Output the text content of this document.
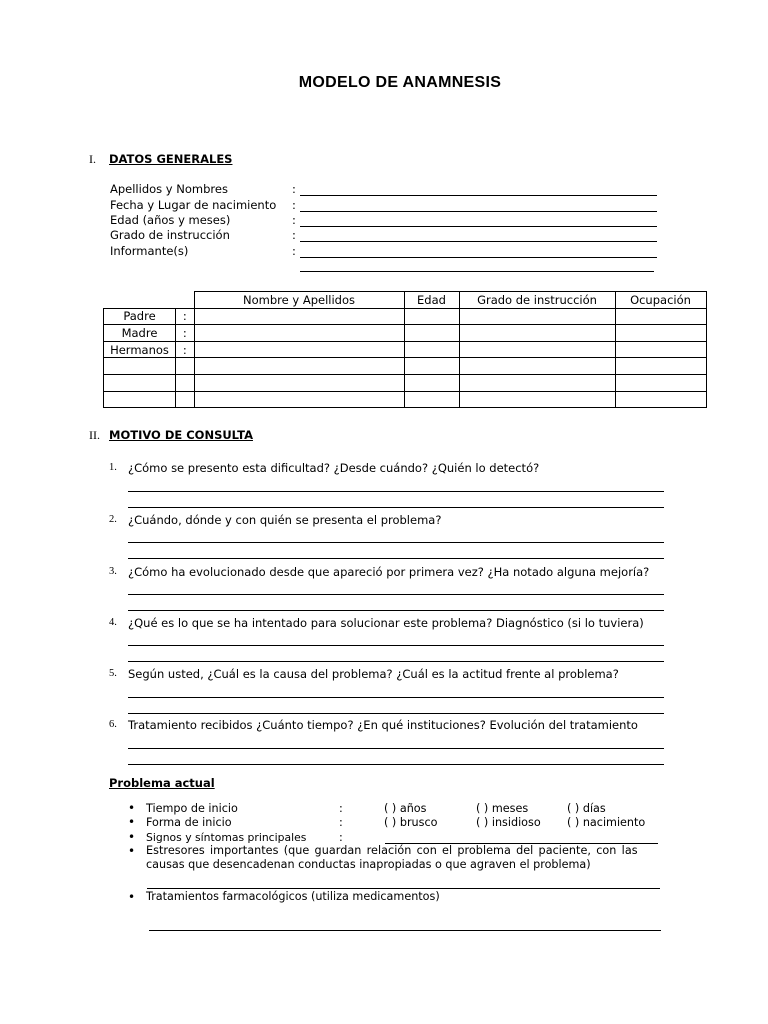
MODELO DE ANAMNESIS
I. DATOS GENERALES
Apellidos y Nombres	:
Fecha y Lugar de nacimiento :
Edad (años y meses)	:
Grado de instrucción	:
Informante(s)	:
		Nombre y Apellidos	Edad	Grado de instrucción	Ocupación
Padre	:				
Madre	:				
Hermanos	:				

II. MOTIVO DE CONSULTA
1. ¿Cómo se presento esta dificultad? ¿Desde cuándo? ¿Quién lo detectó?
2. ¿Cuándo, dónde y con quién se presenta el problema?
3. ¿Cómo ha evolucionado desde que apareció por primera vez? ¿Ha notado alguna mejoría?
4. ¿Qué es lo que se ha intentado para solucionar este problema? Diagnóstico (si lo tuviera)
5. Según usted, ¿Cuál es la causa del problema? ¿Cuál es la actitud frente al problema?
6. Tratamiento recibidos ¿Cuánto tiempo? ¿En qué instituciones? Evolución del tratamiento
Problema actual
• Tiempo de inicio	:	( ) años	( ) meses	( ) días
• Forma de inicio	:	( ) brusco	( ) insidioso ( ) nacimiento
• Signos y síntomas principales	:
• Estresores importantes (que guardan relación con el problema del paciente, con las
causas que desencadenan conductas inapropiadas o que agraven el problema)
• Tratamientos farmacológicos (utiliza medicamentos)
